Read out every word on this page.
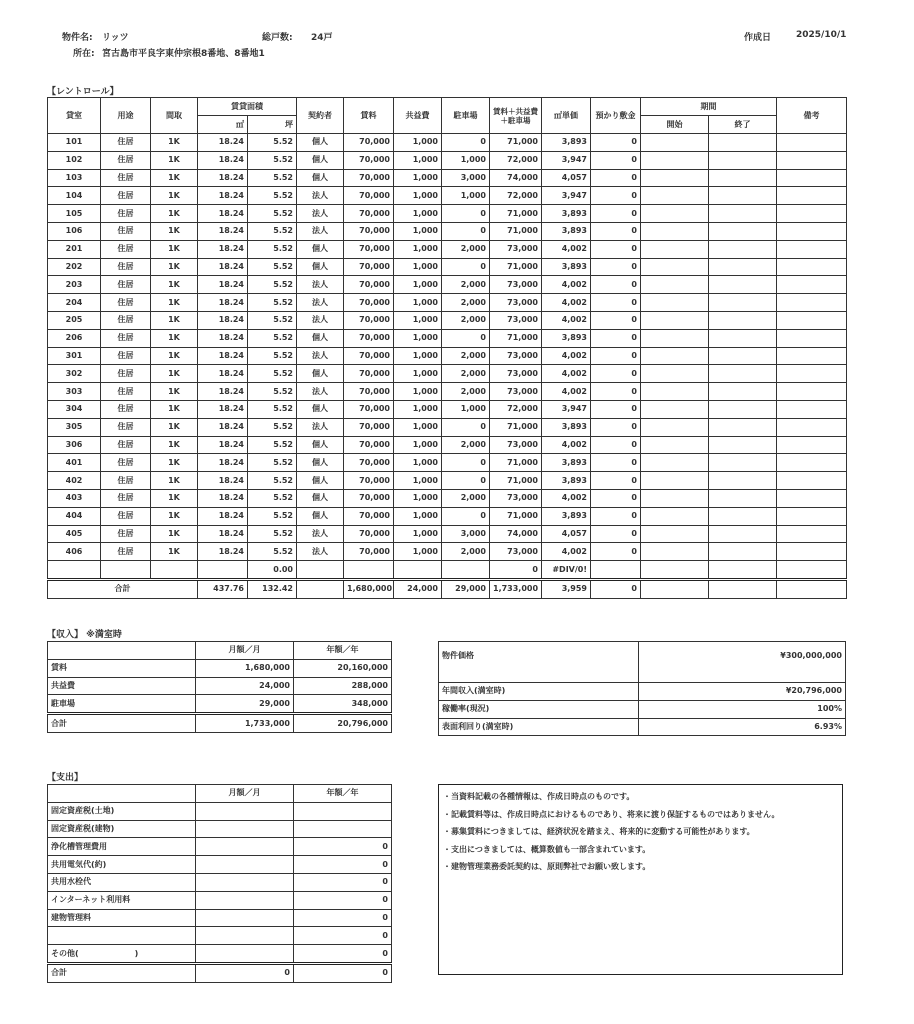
物件名: リッツ	総戸数: 24戸	作成日	2025/10/1
所在: 宮古島市平良字東仲宗根8番地、8番地1
【レントロール】
貸室	用途	間取	賃貸面積		契約者	賃料	共益費	駐車場	賃料＋共益費＋駐車場	㎡単価	預かり敷金	期間		備考
			㎡	坪								開始	終了	
101	住居	1K	18.24	5.52	個人	70,000	1,000	0	71,000	3,893	0			
102	住居	1K	18.24	5.52	個人	70,000	1,000	1,000	72,000	3,947	0			
103	住居	1K	18.24	5.52	個人	70,000	1,000	3,000	74,000	4,057	0			
104	住居	1K	18.24	5.52	法人	70,000	1,000	1,000	72,000	3,947	0			
105	住居	1K	18.24	5.52	法人	70,000	1,000	0	71,000	3,893	0			
106	住居	1K	18.24	5.52	法人	70,000	1,000	0	71,000	3,893	0			
201	住居	1K	18.24	5.52	個人	70,000	1,000	2,000	73,000	4,002	0			
202	住居	1K	18.24	5.52	個人	70,000	1,000	0	71,000	3,893	0			
203	住居	1K	18.24	5.52	法人	70,000	1,000	2,000	73,000	4,002	0			
204	住居	1K	18.24	5.52	法人	70,000	1,000	2,000	73,000	4,002	0			
205	住居	1K	18.24	5.52	法人	70,000	1,000	2,000	73,000	4,002	0			
206	住居	1K	18.24	5.52	個人	70,000	1,000	0	71,000	3,893	0			
301	住居	1K	18.24	5.52	法人	70,000	1,000	2,000	73,000	4,002	0			
302	住居	1K	18.24	5.52	個人	70,000	1,000	2,000	73,000	4,002	0			
303	住居	1K	18.24	5.52	法人	70,000	1,000	2,000	73,000	4,002	0			
304	住居	1K	18.24	5.52	個人	70,000	1,000	1,000	72,000	3,947	0			
305	住居	1K	18.24	5.52	法人	70,000	1,000	0	71,000	3,893	0			
306	住居	1K	18.24	5.52	個人	70,000	1,000	2,000	73,000	4,002	0			
401	住居	1K	18.24	5.52	個人	70,000	1,000	0	71,000	3,893	0			
402	住居	1K	18.24	5.52	個人	70,000	1,000	0	71,000	3,893	0			
403	住居	1K	18.24	5.52	個人	70,000	1,000	2,000	73,000	4,002	0			
404	住居	1K	18.24	5.52	個人	70,000	1,000	0	71,000	3,893	0			
405	住居	1K	18.24	5.52	法人	70,000	1,000	3,000	74,000	4,057	0			
406	住居	1K	18.24	5.52	法人	70,000	1,000	2,000	73,000	4,002	0			
				0.00					0	#DIV/0!				
合計			437.76	132.42		1,680,000	24,000	29,000	1,733,000	3,959	0			
【収入】 ※満室時
	月額／月	年額／年
賃料	1,680,000	20,160,000
共益費	24,000	288,000
駐車場	29,000	348,000
合計	1,733,000	20,796,000
物件価格	¥300,000,000
年間収入(満室時)	¥20,796,000
稼働率(現況)	100%
表面利回り(満室時)	6.93%
【支出】
	月額／月	年額／年
固定資産税(土地)		
固定資産税(建物)		
浄化槽管理費用		0
共用電気代(約)		0
共用水栓代		0
インターネット利用料		0
建物管理料		0
		0
その他(　　　　　　　)		0
合計	0	0
・当資料記載の各種情報は、作成日時点のものです。
・記載賃料等は、作成日時点におけるものであり、将来に渡り保証するものではありません。
・募集賃料につきましては、経済状況を踏まえ、将来的に変動する可能性があります。
・支出につきましては、概算数値も一部含まれています。
・建物管理業務委託契約は、原則弊社でお願い致します。
